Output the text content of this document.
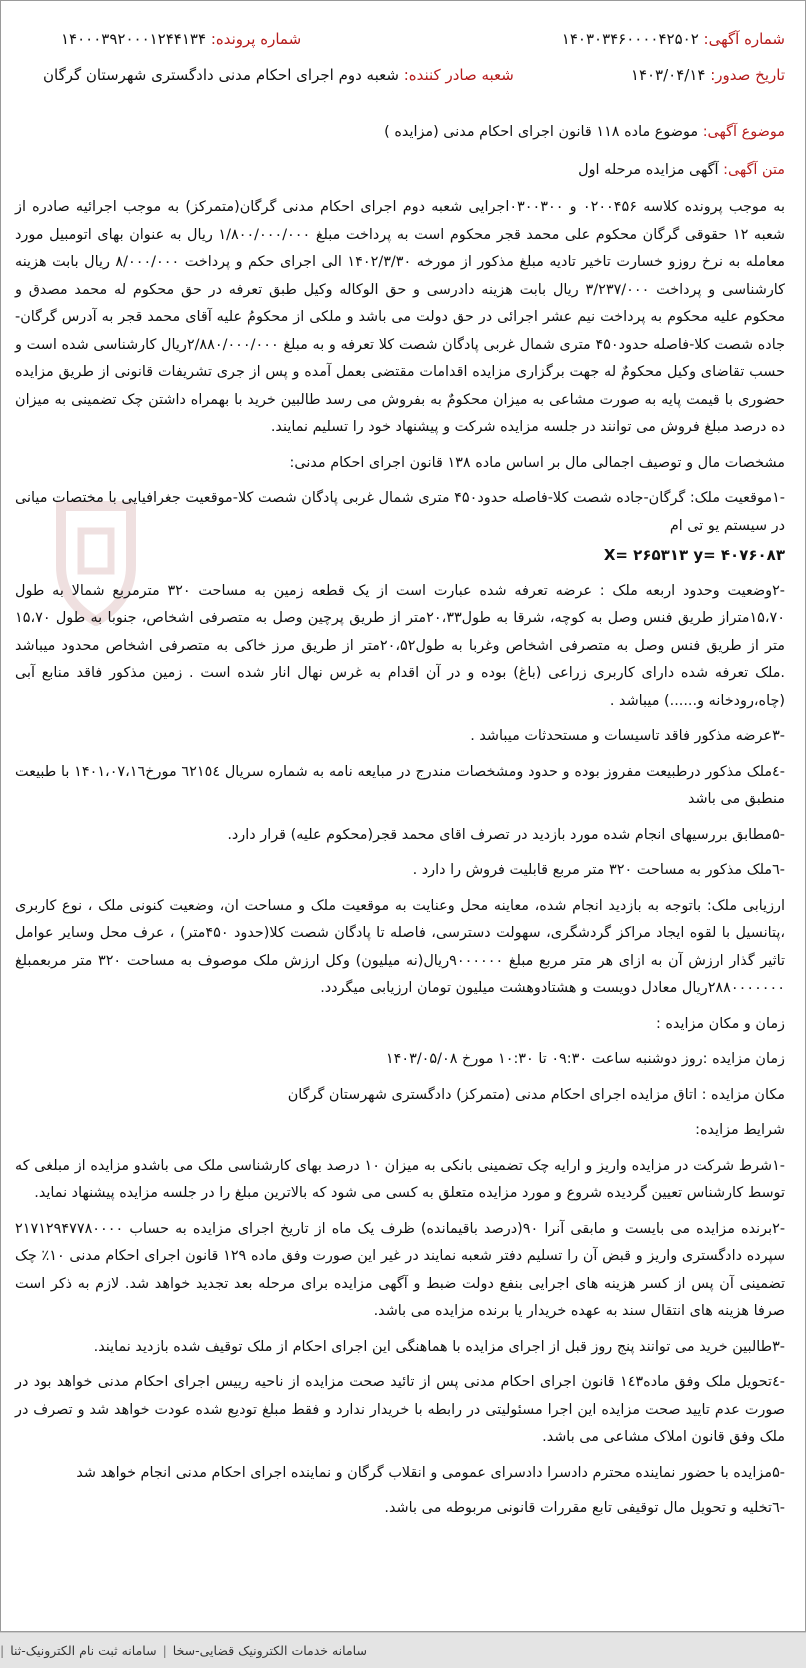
شماره آگهی: ۱۴۰۳۰۳۴۶۰۰۰۰۴۲۵۰۲
شماره پرونده: ۱۴۰۰۰۳۹۲۰۰۰۱۲۴۴۱۳۴
تاریخ صدور: ۱۴۰۳/۰۴/۱۴
شعبه صادر کننده: شعبه دوم اجرای احکام مدنی دادگستری شهرستان گرگان
موضوع آگهی: موضوع ماده ۱۱۸ قانون اجرای احکام مدنی (مزایده )
متن آگهی: آگهی مزایده مرحله اول

به موجب پرونده کلاسه ۰۲۰۰۴۵۶ و ۰۳۰۰۳۰۰اجرایی شعبه دوم اجرای احکام مدنی گرگان(متمرکز) به موجب اجرائیه صادره از شعبه ۱۲ حقوقی گرگان محکوم علی محمد قجر محکوم است به پرداخت مبلغ ۱/۸۰۰/۰۰۰/۰۰۰ ریال به عنوان بهای اتومبیل مورد معامله به نرخ روزو خسارت تاخیر تادیه مبلغ مذکور از مورخه ۱۴۰۲/۳/۳۰ الی اجرای حکم و پرداخت ۸/۰۰۰/۰۰۰ ریال بابت هزینه کارشناسی و پرداخت ۳/۲۳۷/۰۰۰ ریال بابت هزینه دادرسی و حق الوکاله وکیل طبق تعرفه در حق محکوم له محمد مصدق و محکوم علیه محکوم به پرداخت نیم عشر اجرائی در حق دولت می باشد و ملکی از محکومُ علیه آقای محمد قجر به آدرس گرگان-جاده شصت کلا-فاصله حدود۴۵۰ متری شمال غربی پادگان شصت کلا تعرفه و به مبلغ ۲/۸۸۰/۰۰۰/۰۰۰ریال کارشناسی شده است و حسب تقاضای وکیل محکومٌ له جهت برگزاری مزایده اقدامات مقتضی بعمل آمده و پس از جری تشریفات قانونی از طریق مزایده حضوری با قیمت پایه به صورت مشاعی به میزان محکومٌ به بفروش می رسد طالبین خرید با بهمراه داشتن چک تضمینی به میزان ده درصد مبلغ فروش می توانند در جلسه مزایده شرکت و پیشنهاد خود را تسلیم نمایند.

مشخصات مال و توصیف اجمالی مال بر اساس ماده ۱۳۸ قانون اجرای احکام مدنی:

-۱موقعیت ملک: گرگان-جاده شصت کلا-فاصله حدود۴۵۰ متری شمال غربی پادگان شصت کلا-موقعیت جغرافیایی با مختصات میانی در سیستم یو تی ام

X= ۲۶۵۳۱۳ y= ۴۰۷۶۰۸۳

-۲وضعیت وحدود اربعه ملک : عرضه تعرفه شده عبارت است از یک قطعه زمین به مساحت ۳۲۰ مترمربع شمالا به طول ۱۵،۷۰متراز طریق فنس وصل به کوچه، شرقا به طول۲۰،۳۳متر از طریق پرچین وصل به متصرفی اشخاص، جنوبا به طول ۱۵،۷۰ متر از طریق فنس وصل به متصرفی اشخاص وغربا به طول۲۰،۵۲متر از طریق مرز خاکی به متصرفی اشخاص محدود میباشد .ملک تعرفه شده دارای کاربری زراعی (باغ) بوده و در آن اقدام به غرس نهال انار شده است . زمین مذکور فاقد منابع آبی (چاه،رودخانه و......) میباشد .

-۳عرضه مذکور فاقد تاسیسات و مستحدثات میباشد .

-٤ملک مذکور درطبیعت مفروز بوده و حدود ومشخصات مندرج در مبایعه نامه به شماره سریال ٦٢١٥٤ مورخ۱۴۰۱،۰۷،۱٦ با طبیعت منطبق می باشد

-۵مطابق بررسیهای انجام شده مورد بازدید در تصرف اقای محمد قجر(محکوم علیه) قرار دارد.

-٦ملک مذکور به مساحت ۳۲۰ متر مربع قابلیت فروش را دارد .

ارزیابی ملک: باتوجه به بازدید انجام شده، معاینه محل وعنایت به موقعیت ملک و مساحت ان، وضعیت کنونی ملک ، نوع کاربری ،پتانسیل با لقوه ایجاد مراکز گردشگری، سهولت دسترسی، فاصله تا پادگان شصت کلا(حدود ۴۵۰متر) ، عرف محل وسایر عوامل تاثیر گذار ارزش آن به ازای هر متر مربع مبلغ ۹۰۰۰۰۰۰ریال(نه میلیون) وکل ارزش ملک موصوف به مساحت ۳۲۰ متر مربعمبلغ ۲۸۸۰۰۰۰۰۰۰ریال معادل دویست و هشتادوهشت میلیون تومان ارزیابی میگردد.

زمان و مکان مزایده :

زمان مزایده :روز دوشنبه ساعت ۰۹:۳۰ تا ۱۰:۳۰ مورخ ۱۴۰۳/۰۵/۰۸

مکان مزایده : اتاق مزایده اجرای احکام مدنی (متمرکز) دادگستری شهرستان گرگان

شرایط مزایده:

-۱شرط شرکت در مزایده واریز و ارایه چک تضمینی بانکی به میزان ۱۰ درصد بهای کارشناسی ملک می باشدو مزایده از مبلغی که توسط کارشناس تعیین گردیده شروع و مورد مزایده متعلق به کسی می شود که بالاترین مبلغ را در جلسه مزایده پیشنهاد نماید.

-۲برنده مزایده می بایست و مابقی آنرا ۹۰(درصد باقیمانده) ظرف یک ماه از تاریخ اجرای مزایده به حساب ۲۱۷۱۲۹۴۷۷۸۰۰۰۰ سپرده دادگستری واریز و قبض آن را تسلیم دفتر شعبه نمایند در غیر این صورت وفق ماده ۱۲۹ قانون اجرای احکام مدنی ۱۰٪ چک تضمینی آن پس از کسر هزینه های اجرایی بنفع دولت ضبط و آگهی مزایده برای مرحله بعد تجدید خواهد شد. لازم به ذکر است صرفا هزینه های انتقال سند به عهده خریدار یا برنده مزایده می باشد.

-۳طالبین خرید می توانند پنج روز قبل از اجرای مزایده با هماهنگی این اجرای احکام از ملک توقیف شده بازدید نمایند.

-٤تحویل ملک وفق ماده۱٤۳ قانون اجرای احکام مدنی پس از تائید صحت مزایده از ناحیه رییس اجرای احکام مدنی خواهد بود در صورت عدم تایید صحت مزایده این اجرا مسئولیتی در رابطه با خریدار ندارد و فقط مبلغ تودیع شده عودت خواهد شد و تصرف در ملک وفق قانون املاک مشاعی می باشد.

-۵مزایده با حضور نماینده محترم دادسرا دادسرای عمومی و انقلاب گرگان و نماینده اجرای احکام مدنی انجام خواهد شد

-٦تخلیه و تحویل مال توقیفی تابع مقررات قانونی مربوطه می باشد.

سامانه خدمات الکترونیک قضایی-سخا
|
سامانه ثبت نام الکترونیک-ثنا
|
